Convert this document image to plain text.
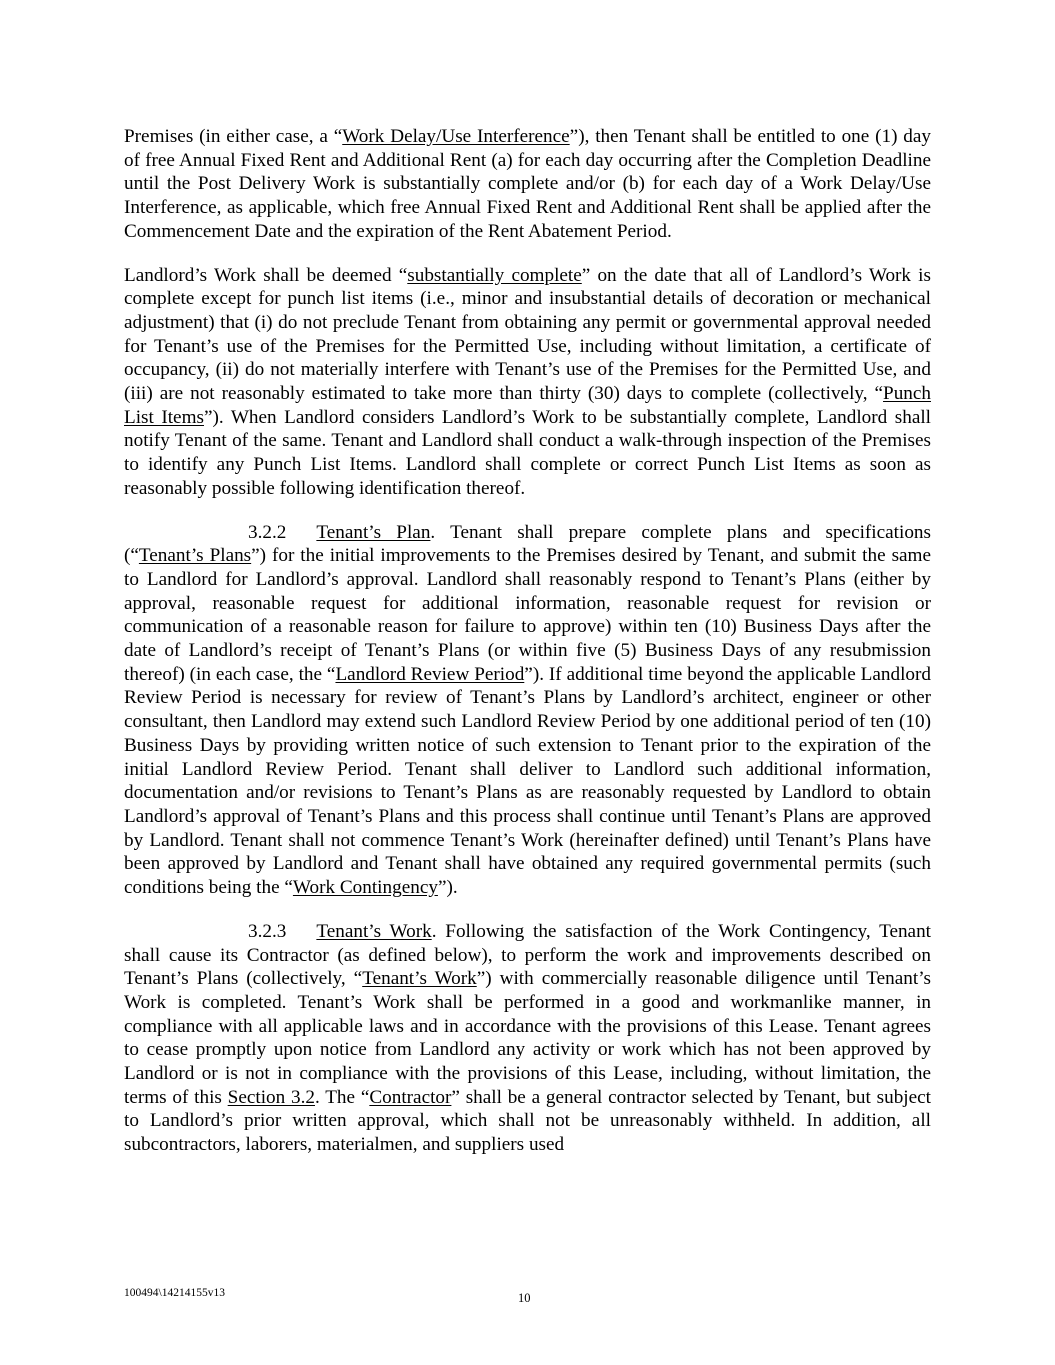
Premises (in either case, a “Work Delay/Use Interference”), then Tenant shall be entitled to one (1) day of free Annual Fixed Rent and Additional Rent (a) for each day occurring after the Completion Deadline until the Post Delivery Work is substantially complete and/or (b) for each day of a Work Delay/Use Interference, as applicable, which free Annual Fixed Rent and Additional Rent shall be applied after the Commencement Date and the expiration of the Rent Abatement Period.

Landlord’s Work shall be deemed “substantially complete” on the date that all of Landlord’s Work is complete except for punch list items (i.e., minor and insubstantial details of decoration or mechanical adjustment) that (i) do not preclude Tenant from obtaining any permit or governmental approval needed for Tenant’s use of the Premises for the Permitted Use, including without limitation, a certificate of occupancy, (ii) do not materially interfere with Tenant’s use of the Premises for the Permitted Use, and (iii) are not reasonably estimated to take more than thirty (30) days to complete (collectively, “Punch List Items”). When Landlord considers Landlord’s Work to be substantially complete, Landlord shall notify Tenant of the same. Tenant and Landlord shall conduct a walk-through inspection of the Premises to identify any Punch List Items. Landlord shall complete or correct Punch List Items as soon as reasonably possible following identification thereof.

3.2.2 Tenant’s Plan. Tenant shall prepare complete plans and specifications (“Tenant’s Plans”) for the initial improvements to the Premises desired by Tenant, and submit the same to Landlord for Landlord’s approval. Landlord shall reasonably respond to Tenant’s Plans (either by approval, reasonable request for additional information, reasonable request for revision or communication of a reasonable reason for failure to approve) within ten (10) Business Days after the date of Landlord’s receipt of Tenant’s Plans (or within five (5) Business Days of any resubmission thereof) (in each case, the “Landlord Review Period”). If additional time beyond the applicable Landlord Review Period is necessary for review of Tenant’s Plans by Landlord’s architect, engineer or other consultant, then Landlord may extend such Landlord Review Period by one additional period of ten (10) Business Days by providing written notice of such extension to Tenant prior to the expiration of the initial Landlord Review Period. Tenant shall deliver to Landlord such additional information, documentation and/or revisions to Tenant’s Plans as are reasonably requested by Landlord to obtain Landlord’s approval of Tenant’s Plans and this process shall continue until Tenant’s Plans are approved by Landlord. Tenant shall not commence Tenant’s Work (hereinafter defined) until Tenant’s Plans have been approved by Landlord and Tenant shall have obtained any required governmental permits (such conditions being the “Work Contingency”).

3.2.3 Tenant’s Work. Following the satisfaction of the Work Contingency, Tenant shall cause its Contractor (as defined below), to perform the work and improvements described on Tenant’s Plans (collectively, “Tenant’s Work”) with commercially reasonable diligence until Tenant’s Work is completed. Tenant’s Work shall be performed in a good and workmanlike manner, in compliance with all applicable laws and in accordance with the provisions of this Lease. Tenant agrees to cease promptly upon notice from Landlord any activity or work which has not been approved by Landlord or is not in compliance with the provisions of this Lease, including, without limitation, the terms of this Section 3.2. The “Contractor” shall be a general contractor selected by Tenant, but subject to Landlord’s prior written approval, which shall not be unreasonably withheld. In addition, all subcontractors, laborers, materialmen, and suppliers used

100494\14214155v13	10
